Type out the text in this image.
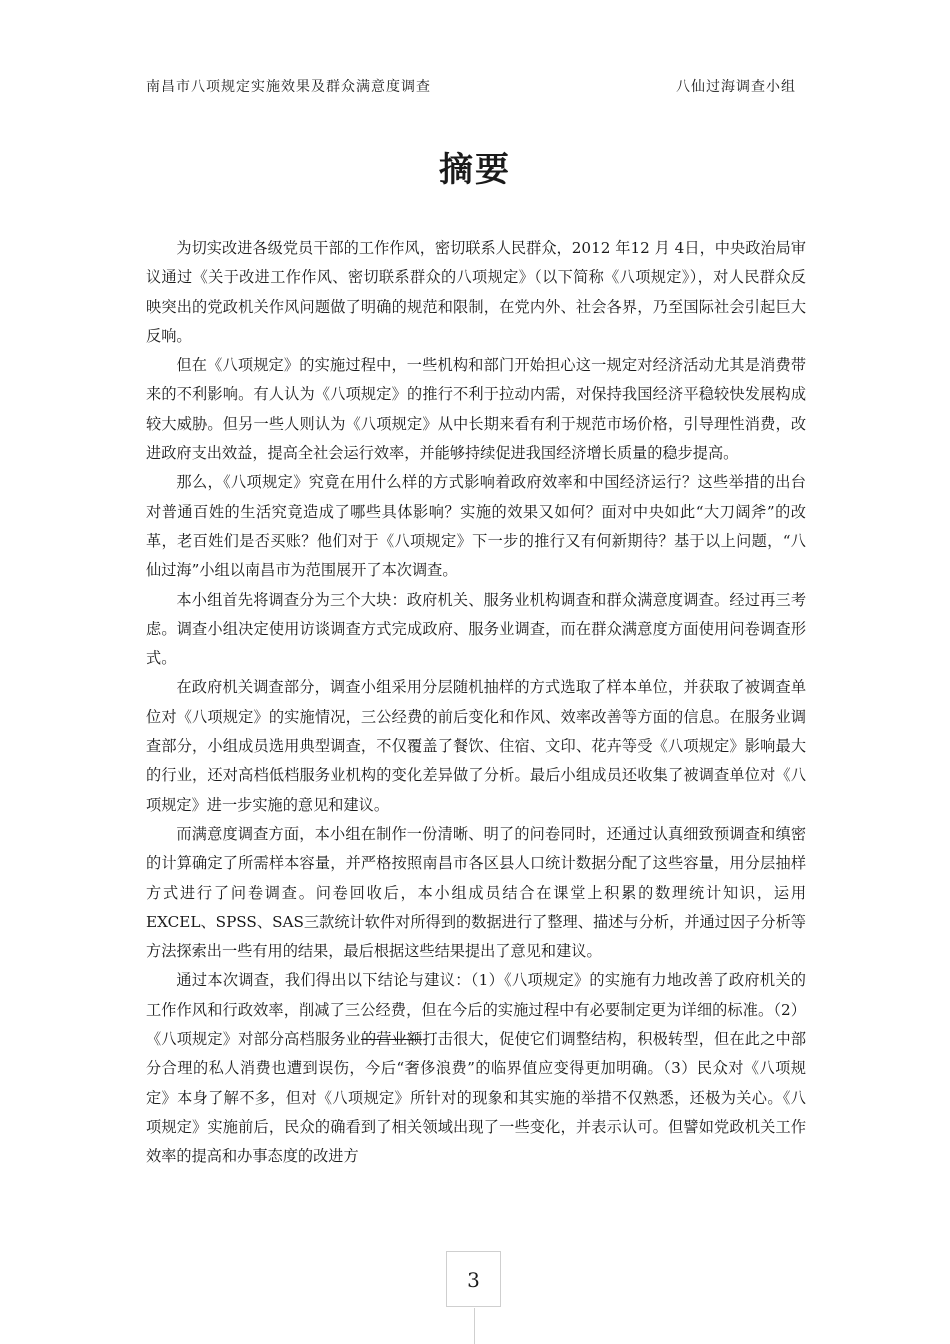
南昌市八项规定实施效果及群众满意度调查	八仙过海调查小组
摘要

为切实改进各级党员干部的工作作风，密切联系人民群众，2012 年12 月 4日，中央政治局审议通过《关于改进工作作风、密切联系群众的八项规定》（以下简称《八项规定》），对人民群众反映突出的党政机关作风问题做了明确的规范和限制，在党内外、社会各界，乃至国际社会引起巨大反响。

但在《八项规定》的实施过程中，一些机构和部门开始担心这一规定对经济活动尤其是消费带来的不利影响。有人认为《八项规定》的推行不利于拉动内需，对保持我国经济平稳较快发展构成较大威胁。但另一些人则认为《八项规定》从中长期来看有利于规范市场价格，引导理性消费，改进政府支出效益，提高全社会运行效率，并能够持续促进我国经济增长质量的稳步提高。

那么，《八项规定》究竟在用什么样的方式影响着政府效率和中国经济运行？这些举措的出台对普通百姓的生活究竟造成了哪些具体影响？实施的效果又如何？面对中央如此“大刀阔斧”的改革，老百姓们是否买账？他们对于《八项规定》下一步的推行又有何新期待？基于以上问题，“八仙过海”小组以南昌市为范围展开了本次调查。

本小组首先将调查分为三个大块：政府机关、服务业机构调查和群众满意度调查。经过再三考虑。调查小组决定使用访谈调查方式完成政府、服务业调查，而在群众满意度方面使用问卷调查形式。

在政府机关调查部分，调查小组采用分层随机抽样的方式选取了样本单位，并获取了被调查单位对《八项规定》的实施情况，三公经费的前后变化和作风、效率改善等方面的信息。在服务业调查部分，小组成员选用典型调查，不仅覆盖了餐饮、住宿、文印、花卉等受《八项规定》影响最大的行业，还对高档低档服务业机构的变化差异做了分析。最后小组成员还收集了被调查单位对《八项规定》进一步实施的意见和建议。

而满意度调查方面，本小组在制作一份清晰、明了的问卷同时，还通过认真细致预调查和缜密的计算确定了所需样本容量，并严格按照南昌市各区县人口统计数据分配了这些容量，用分层抽样方式进行了问卷调查。问卷回收后，本小组成员结合在课堂上积累的数理统计知识，运用EXCEL、SPSS、SAS三款统计软件对所得到的数据进行了整理、描述与分析，并通过因子分析等方法探索出一些有用的结果，最后根据这些结果提出了意见和建议。

通过本次调查，我们得出以下结论与建议：（1）《八项规定》的实施有力地改善了政府机关的工作作风和行政效率，削减了三公经费，但在今后的实施过程中有必要制定更为详细的标准。（2）《八项规定》对部分高档服务业的营业额打击很大，促使它们调整结构，积极转型，但在此之中部分合理的私人消费也遭到误伤，今后“奢侈浪费”的临界值应变得更加明确。（3）民众对《八项规定》本身了解不多，但对《八项规定》所针对的现象和其实施的举措不仅熟悉，还极为关心。《八项规定》实施前后，民众的确看到了相关领域出现了一些变化，并表示认可。但譬如党政机关工作效率的提高和办事态度的改进方

3
